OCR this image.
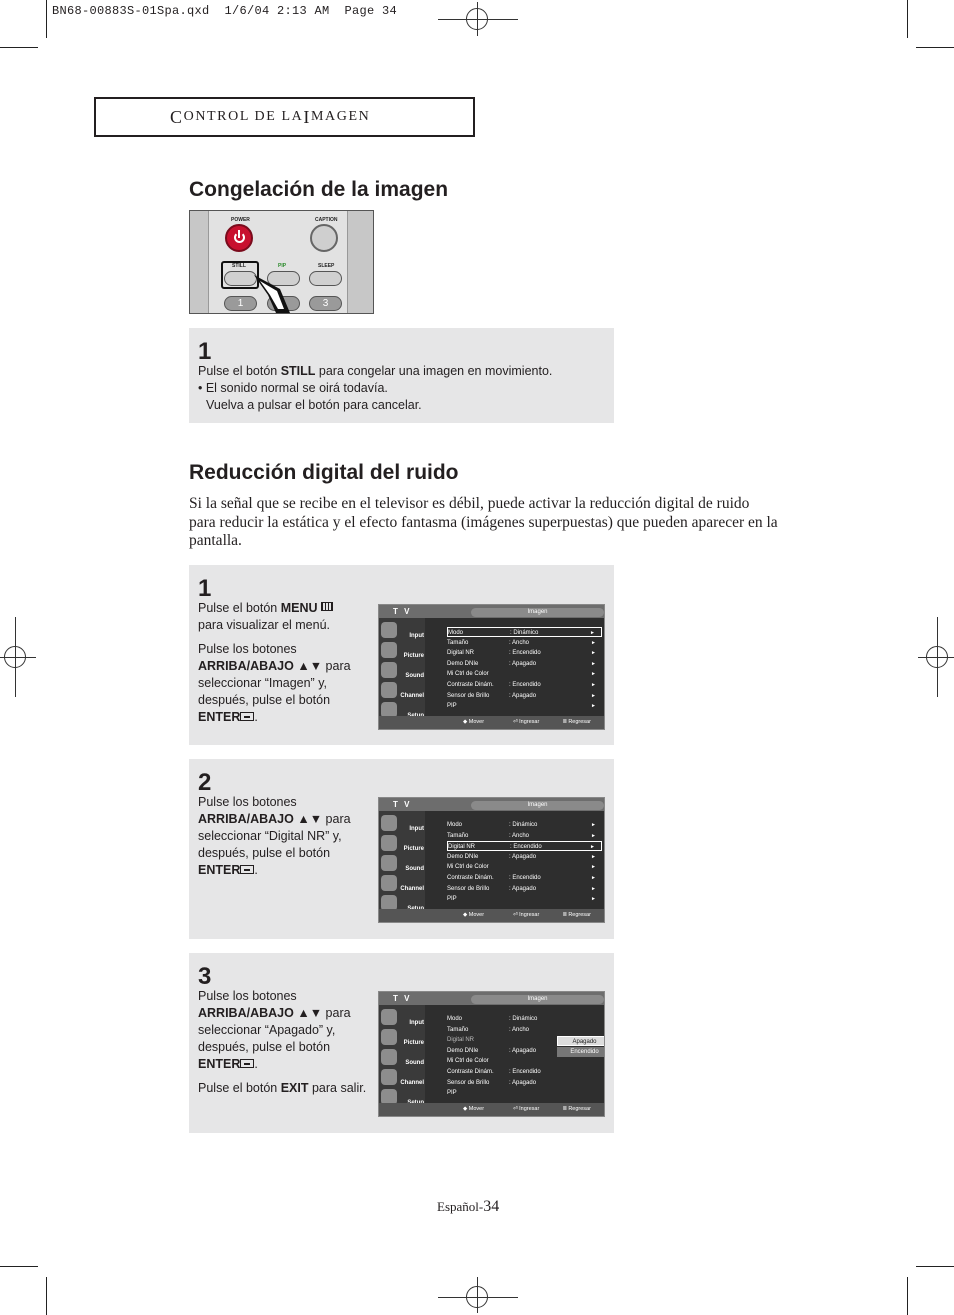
BN68-00883S-01Spa.qxd  1/6/04 2:13 AM  Page 34
C ONTROL DE LA I MAGEN
Congelación de la imagen
POWER	CAPTION
STILL	PIP	SLEEP
1	3
1
Pulse el botón STILL para congelar una imagen en movimiento.
• El sonido normal se oirá todavía.
Vuelva a pulsar el botón para cancelar.
Reducción digital del ruido
Si la señal que se recibe en el televisor es débil, puede activar la reducción digital de ruido para reducir la estática y el efecto fantasma (imágenes superpuestas) que pueden aparecer en la pantalla.
1
Pulse el botón MENU
para visualizar el menú.
Pulse los botones
ARRIBA/ABAJO ▲▼ para
seleccionar “Imagen” y,
después, pulse el botón
ENTER .
2
Pulse los botones
ARRIBA/ABAJO ▲▼ para
seleccionar “Digital NR” y,
después, pulse el botón
ENTER .
3
Pulse los botones
ARRIBA/ABAJO ▲▼ para
seleccionar “Apagado” y,
después, pulse el botón
ENTER .
Pulse el botón EXIT para salir.
T V	Imagen
Input
Picture
Sound
Channel
Modo	: Dinámico	►
Tamaño	: Ancho	►
Digital NR	: Encendido	►
Demo DNIe	: Apagado	►
Mi Ctrl de Color	►
Contraste Dinám.	: Encendido	►
Sensor de Brillo	: Apagado	►
PIP	►
◆ Mover	⏎ Ingresar	Ⅲ Regresar
T V	Imagen
Input
Picture
Sound
Channel
Modo	: Dinámico	►
Tamaño	: Ancho	►
Digital NR	: Encendido	►
Demo DNIe	: Apagado	►
Mi Ctrl de Color	►
Contraste Dinám.	: Encendido	►
Sensor de Brillo	: Apagado	►
PIP	►
◆ Mover	⏎ Ingresar	Ⅲ Regresar
T V	Imagen
Input
Picture
Sound
Channel
Modo	: Dinámico
Tamaño	: Ancho
Digital NR
Demo DNIe	: Apagado
Mi Ctrl de Color
Contraste Dinám.	: Encendido
Sensor de Brillo	: Apagado
PIP
Apagado
Encendido
◆ Mover	⏎ Ingresar	Ⅲ Regresar
Español-34
